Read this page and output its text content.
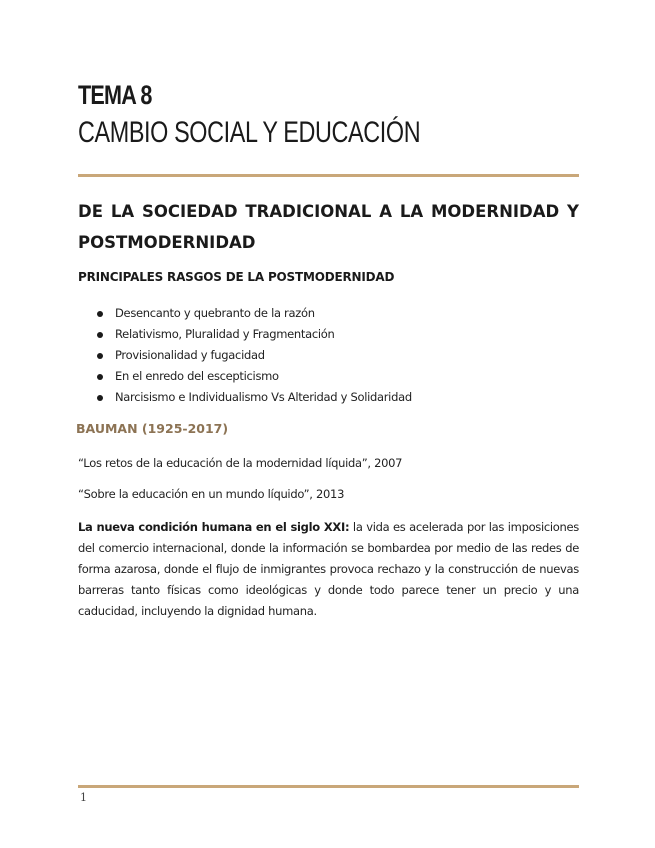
TEMA 8
CAMBIO SOCIAL Y EDUCACIÓN
DE LA SOCIEDAD TRADICIONAL A LA MODERNIDAD Y POSTMODERNIDAD
PRINCIPALES RASGOS DE LA POSTMODERNIDAD
Desencanto y quebranto de la razón
Relativismo, Pluralidad y Fragmentación
Provisionalidad y fugacidad
En el enredo del escepticismo
Narcisismo e Individualismo Vs Alteridad y Solidaridad
BAUMAN (1925-2017)
“Los retos de la educación de la modernidad líquida”, 2007
“Sobre la educación en un mundo líquido”, 2013
La nueva condición humana en el siglo XXI: la vida es acelerada por las imposiciones del comercio internacional, donde la información se bombardea por medio de las redes de forma azarosa, donde el flujo de inmigrantes provoca rechazo y la construcción de nuevas barreras tanto físicas como ideológicas y donde todo parece tener un precio y una caducidad, incluyendo la dignidad humana.
1
